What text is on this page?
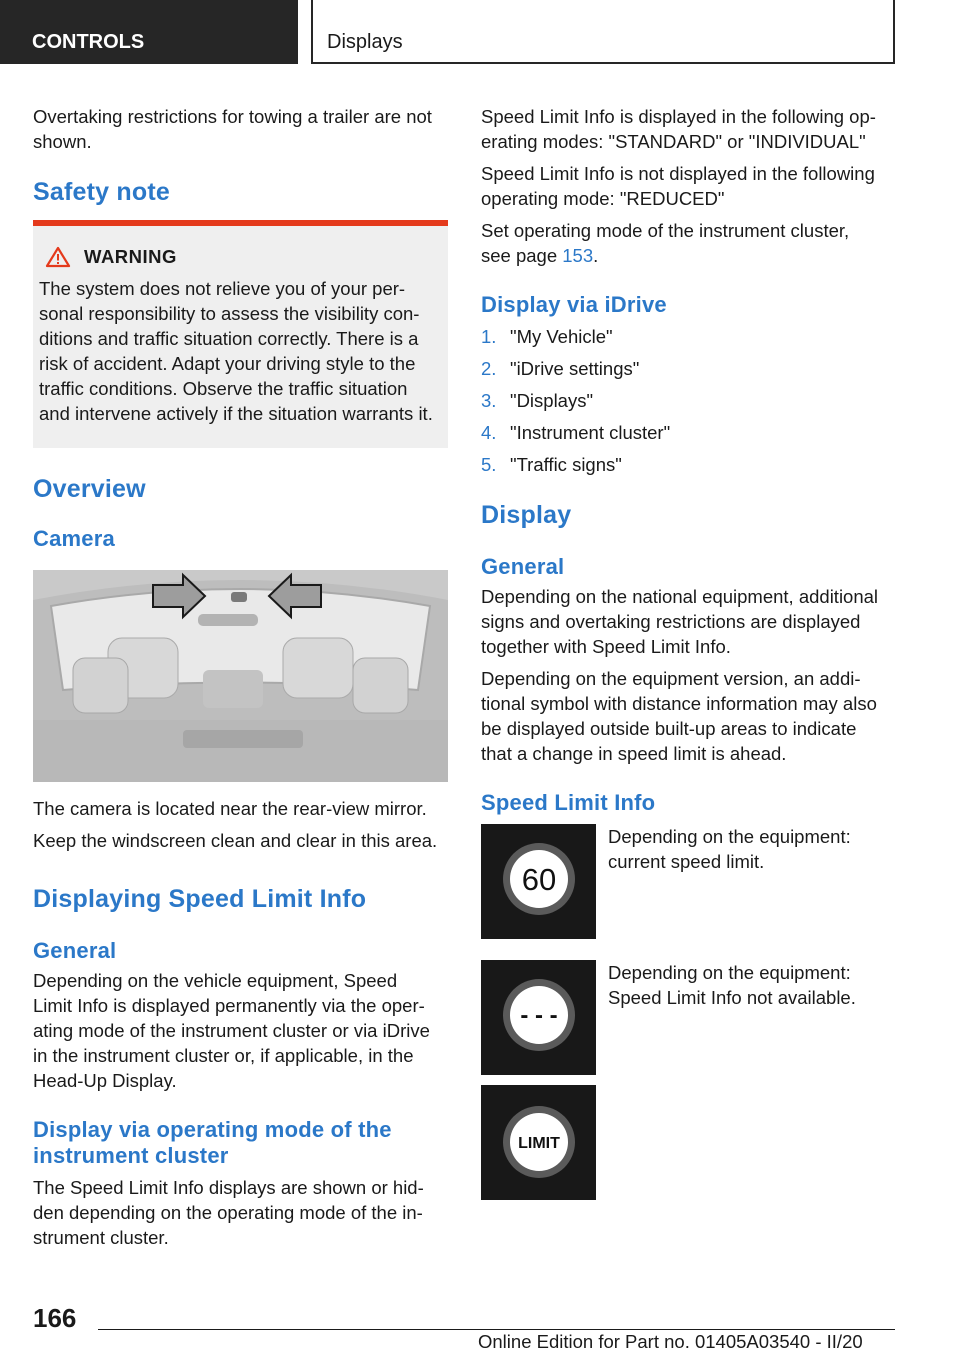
CONTROLS	Displays

Overtaking restrictions for towing a trailer are not shown.

Safety note
WARNING

The system does not relieve you of your per-

sonal responsibility to assess the visibility con-

ditions and traffic situation correctly. There is a

risk of accident. Adapt your driving style to the

traffic conditions. Observe the traffic situation

and intervene actively if the situation warrants it.

Overview
Camera

The camera is located near the rear-view mirror.

Keep the windscreen clean and clear in this area.

Displaying Speed Limit Info
General

Depending on the vehicle equipment, Speed

Limit Info is displayed permanently via the oper-

ating mode of the instrument cluster or via iDrive

in the instrument cluster or, if applicable, in the

Head-Up Display.

Display via operating mode of the
instrument cluster

The Speed Limit Info displays are shown or hid-

den depending on the operating mode of the in-

strument cluster.

Speed Limit Info is displayed in the following op-

erating modes: "STANDARD" or "INDIVIDUAL"

Speed Limit Info is not displayed in the following

operating mode: "REDUCED"

Set operating mode of the instrument cluster,

see page 153.

Display via iDrive
1. "My Vehicle"
2. "iDrive settings"
3. "Displays"
4. "Instrument cluster"
5. "Traffic signs"
Display
General

Depending on the national equipment, additional

signs and overtaking restrictions are displayed

together with Speed Limit Info.

Depending on the equipment version, an addi-

tional symbol with distance information may also

be displayed outside built-up areas to indicate

that a change in speed limit is ahead.

Speed Limit Info
60

Depending on the equipment:

current speed limit.

- - -

Depending on the equipment:

Speed Limit Info not available.

LIMIT
166
Online Edition for Part no. 01405A03540 - II/20
